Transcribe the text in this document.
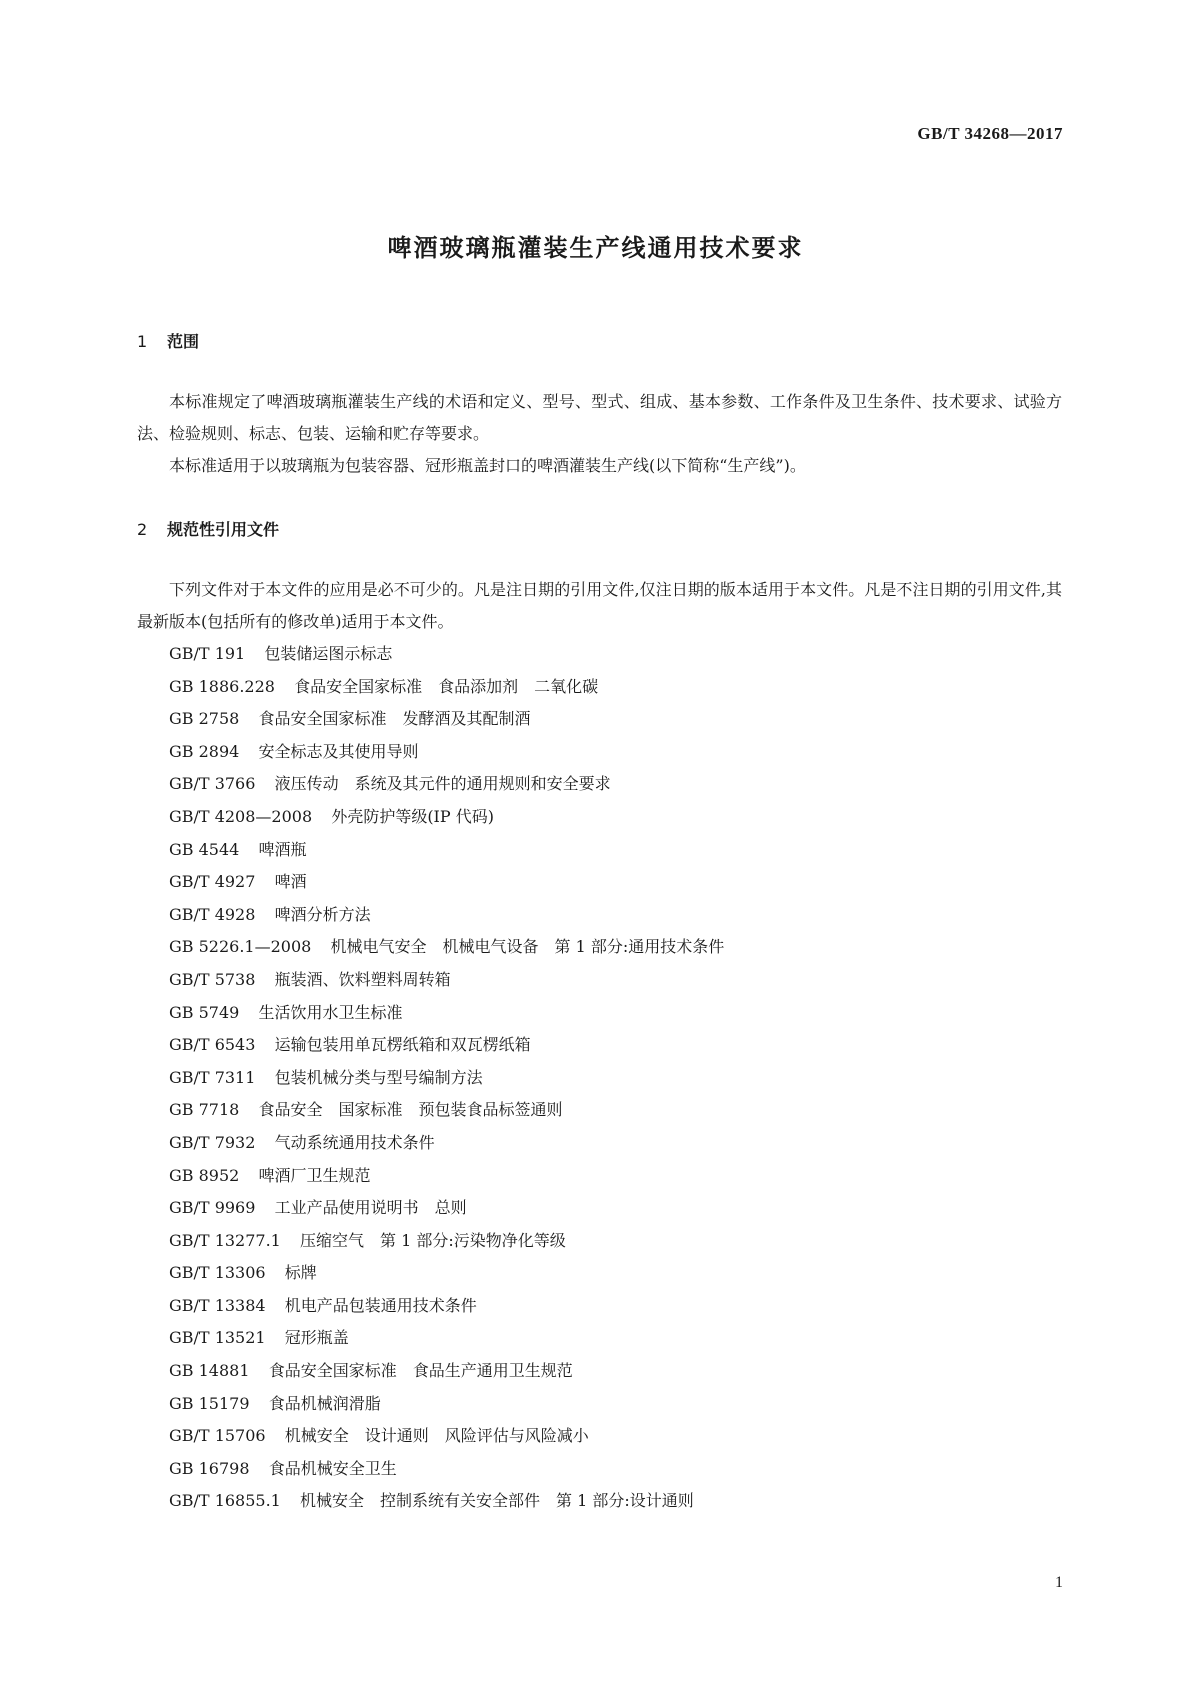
GB/T 34268—2017
啤酒玻璃瓶灌装生产线通用技术要求
1 范围

本标准规定了啤酒玻璃瓶灌装生产线的术语和定义、型号、型式、组成、基本参数、工作条件及卫生条件、技术要求、试验方法、检验规则、标志、包装、运输和贮存等要求。

本标准适用于以玻璃瓶为包装容器、冠形瓶盖封口的啤酒灌装生产线(以下简称“生产线”)。

2 规范性引用文件

下列文件对于本文件的应用是必不可少的。凡是注日期的引用文件,仅注日期的版本适用于本文件。凡是不注日期的引用文件,其最新版本(包括所有的修改单)适用于本文件。

GB/T 191 包装储运图示标志
GB 1886.228 食品安全国家标准　食品添加剂　二氧化碳
GB 2758 食品安全国家标准　发酵酒及其配制酒
GB 2894 安全标志及其使用导则
GB/T 3766 液压传动　系统及其元件的通用规则和安全要求
GB/T 4208—2008 外壳防护等级(IP 代码)
GB 4544 啤酒瓶
GB/T 4927 啤酒
GB/T 4928 啤酒分析方法
GB 5226.1—2008 机械电气安全　机械电气设备　第 1 部分:通用技术条件
GB/T 5738 瓶装酒、饮料塑料周转箱
GB 5749 生活饮用水卫生标准
GB/T 6543 运输包装用单瓦楞纸箱和双瓦楞纸箱
GB/T 7311 包装机械分类与型号编制方法
GB 7718 食品安全　国家标准　预包装食品标签通则
GB/T 7932 气动系统通用技术条件
GB 8952 啤酒厂卫生规范
GB/T 9969 工业产品使用说明书　总则
GB/T 13277.1 压缩空气　第 1 部分:污染物净化等级
GB/T 13306 标牌
GB/T 13384 机电产品包装通用技术条件
GB/T 13521 冠形瓶盖
GB 14881 食品安全国家标准　食品生产通用卫生规范
GB 15179 食品机械润滑脂
GB/T 15706 机械安全　设计通则　风险评估与风险减小
GB 16798 食品机械安全卫生
GB/T 16855.1 机械安全　控制系统有关安全部件　第 1 部分:设计通则
1
